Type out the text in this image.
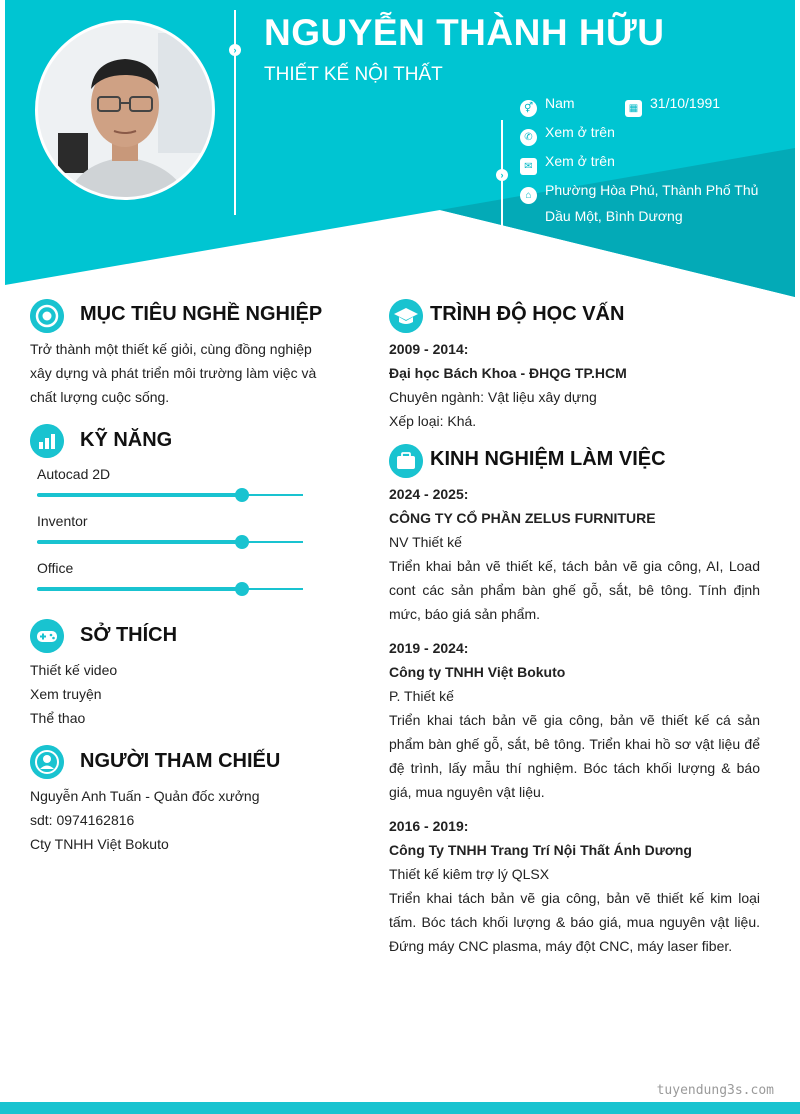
›
›
NGUYỄN THÀNH HỮU
THIẾT KẾ NỘI THẤT
⚥ Nam	▦ 31/10/1991
✆ Xem ở trên
✉ Xem ở trên
⌂ Phường Hòa Phú, Thành Phố Thủ
Dầu Một, Bình Dương
MỤC TIÊU NGHỀ NGHIỆP
Trở thành một thiết kế giỏi, cùng đồng nghiệp
xây dựng và phát triển môi trường làm việc và
chất lượng cuộc sống.
KỸ NĂNG
Autocad 2D
Inventor
Office
SỞ THÍCH
Thiết kế video
Xem truyện
Thể thao
NGƯỜI THAM CHIẾU
Nguyễn Anh Tuấn - Quản đốc xưởng
sdt: 0974162816
Cty TNHH Việt Bokuto
TRÌNH ĐỘ HỌC VẤN
2009 - 2014:
Đại học Bách Khoa - ĐHQG TP.HCM
Chuyên ngành: Vật liệu xây dựng
Xếp loại: Khá.
KINH NGHIỆM LÀM VIỆC
2024 - 2025:
CÔNG TY CỔ PHẦN ZELUS FURNITURE
NV Thiết kế
Triển khai bản vẽ thiết kế, tách bản vẽ gia công, AI, Load cont các sản phẩm bàn ghế gỗ, sắt, bê tông. Tính định mức, báo giá sản phẩm.
2019 - 2024:
Công ty TNHH Việt Bokuto
P. Thiết kế
Triển khai tách bản vẽ gia công, bản vẽ thiết kế cá sản phẩm bàn ghế gỗ, sắt, bê tông. Triển khai hồ sơ vật liệu để đệ trình, lấy mẫu thí nghiệm. Bóc tách khối lượng & báo giá, mua nguyên vật liệu.
2016 - 2019:
Công Ty TNHH Trang Trí Nội Thất Ánh Dương
Thiết kế kiêm trợ lý QLSX
Triển khai tách bản vẽ gia công, bản vẽ thiết kế kim loại tấm. Bóc tách khối lượng & báo giá, mua nguyên vật liệu. Đứng máy CNC plasma, máy đột CNC, máy laser fiber.
tuyendung3s.com
